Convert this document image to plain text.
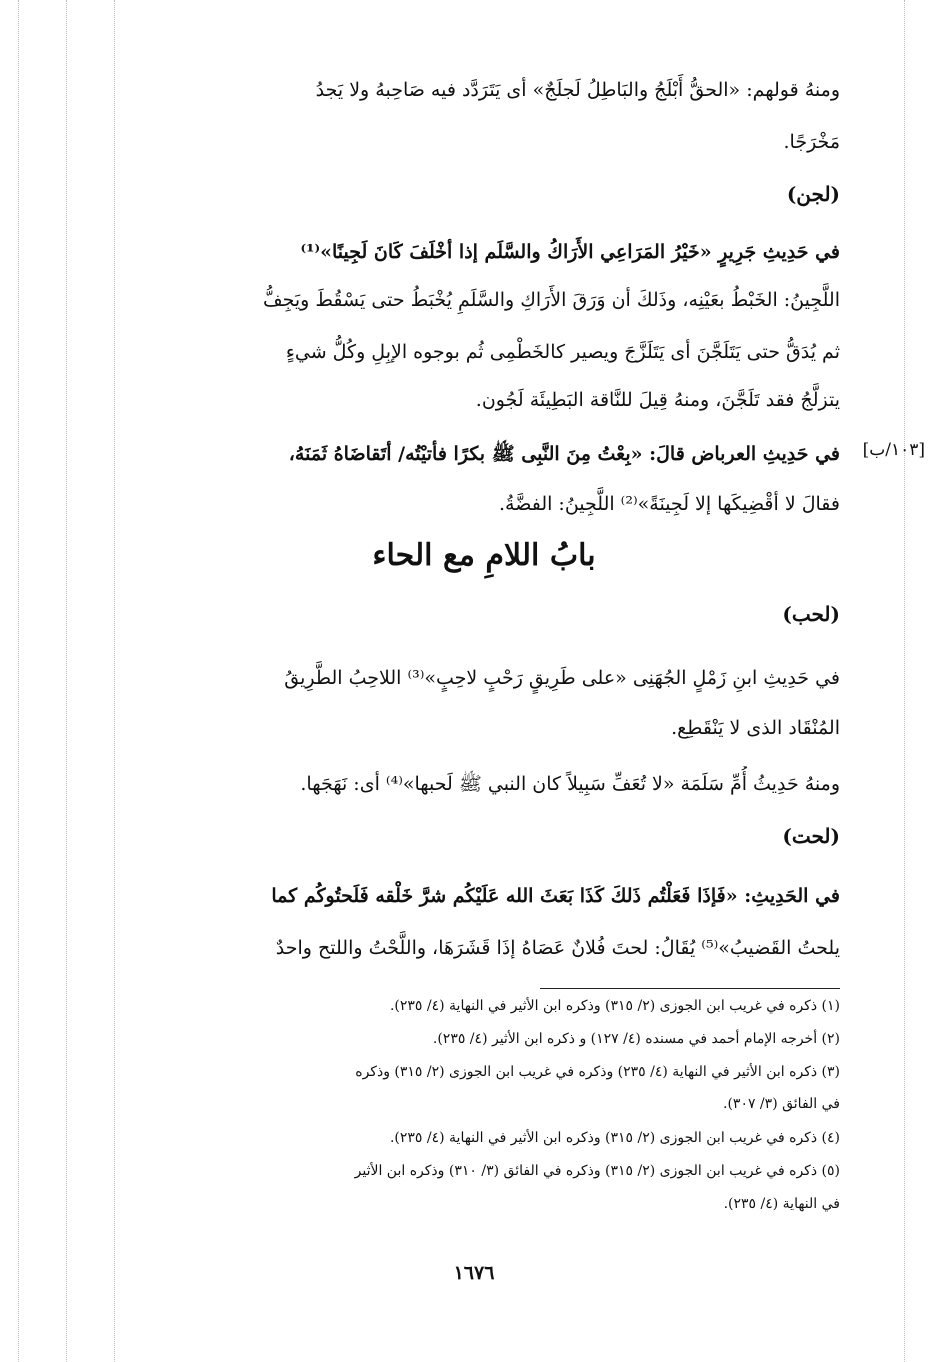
ومنهُ قولهم: «الحقُّ أَبْلَجُ والبَاطِلُ لَجلَجٌ» أى يَتَرَدَّد فيه صَاحِبهُ ولا يَجدُ
مَخْرَجًا.
(لجن)
في حَدِيثِ جَرِيرٍ «خَيْرُ المَرَاعِي الأَرَاكُ والسَّلَم إذا أخْلَفَ كَانَ لَجِينًا»⁽¹⁾
اللَّجِينُ: الخَبْطُ بعَيْنِه، وذَلكَ أن وَرَقَ الأَرَاكِ والسَّلَمِ يُخْبَطُ حتى يَسْقُطَ ويَجِفُّ
ثم يُدَقُّ حتى يَتَلَجَّنَ أى يَتَلَزَّجَ ويصير كالخَطْمِى ثُم بوجوه الإبِلِ وكُلُّ شيءٍ
يتزلَّجُ فقد تَلَجَّنَ، ومنهُ قِيلَ للنَّاقة البَطِيئَة لَجُون.
[١٠٣/ب]
في حَدِيثِ العرباض قالَ: «بِعْتُ مِنَ النَّبِى ﷺ بكرًا فأتيْتُه/ أتَقاضَاهُ ثَمَنَهُ،
فقالَ لا أقْضِيكَها إلا لَجِينَةً»⁽²⁾ اللَّجِينُ: الفضَّةُ.
بابُ اللامِ مع الحاء
(لحب)
في حَدِيثِ ابنِ زَمْلٍ الجُهَنِى «على طَرِيقٍ رَحْبٍ لاحِبٍ»⁽³⁾ اللاحِبُ الطَّرِيقُ
المُنْقَاد الذى لا يَنْقَطِع.
ومنهُ حَدِيثُ أُمِّ سَلَمَة «لا تُعَفِّ سَبِيلاً كان النبي ﷺ لَحبها»⁽⁴⁾ أى: نَهَجَها.
(لحت)
في الحَدِيثِ: «فَإذَا فَعَلْتُم ذَلكَ كَذَا بَعَثَ الله عَلَيْكُم شرَّ خَلْقه فَلَحتُوكُم كما
يلحتُ القَضيبُ»⁽⁵⁾ يُقَالُ: لحتَ فُلانٌ عَصَاهُ إذَا قَشَرَهَا، واللَّحْتُ واللتح واحدٌ
(١) ذكره في غريب ابن الجوزى (٢/ ٣١٥) وذكره ابن الأثير في النهاية (٤/ ٢٣٥).
(٢) أخرجه الإمام أحمد في مسنده (٤/ ١٢٧) و ذكره ابن الأثير (٤/ ٢٣٥).
(٣) ذكره ابن الأثير في النهاية (٤/ ٢٣٥) وذكره في غريب ابن الجوزى (٢/ ٣١٥) وذكره
في الفائق (٣/ ٣٠٧).
(٤) ذكره في غريب ابن الجوزى (٢/ ٣١٥) وذكره ابن الأثير في النهاية (٤/ ٢٣٥).
(٥) ذكره في غريب ابن الجوزى (٢/ ٣١٥) وذكره في الفائق (٣/ ٣١٠) وذكره ابن الأثير
في النهاية (٤/ ٢٣٥).
١٦٧٦
